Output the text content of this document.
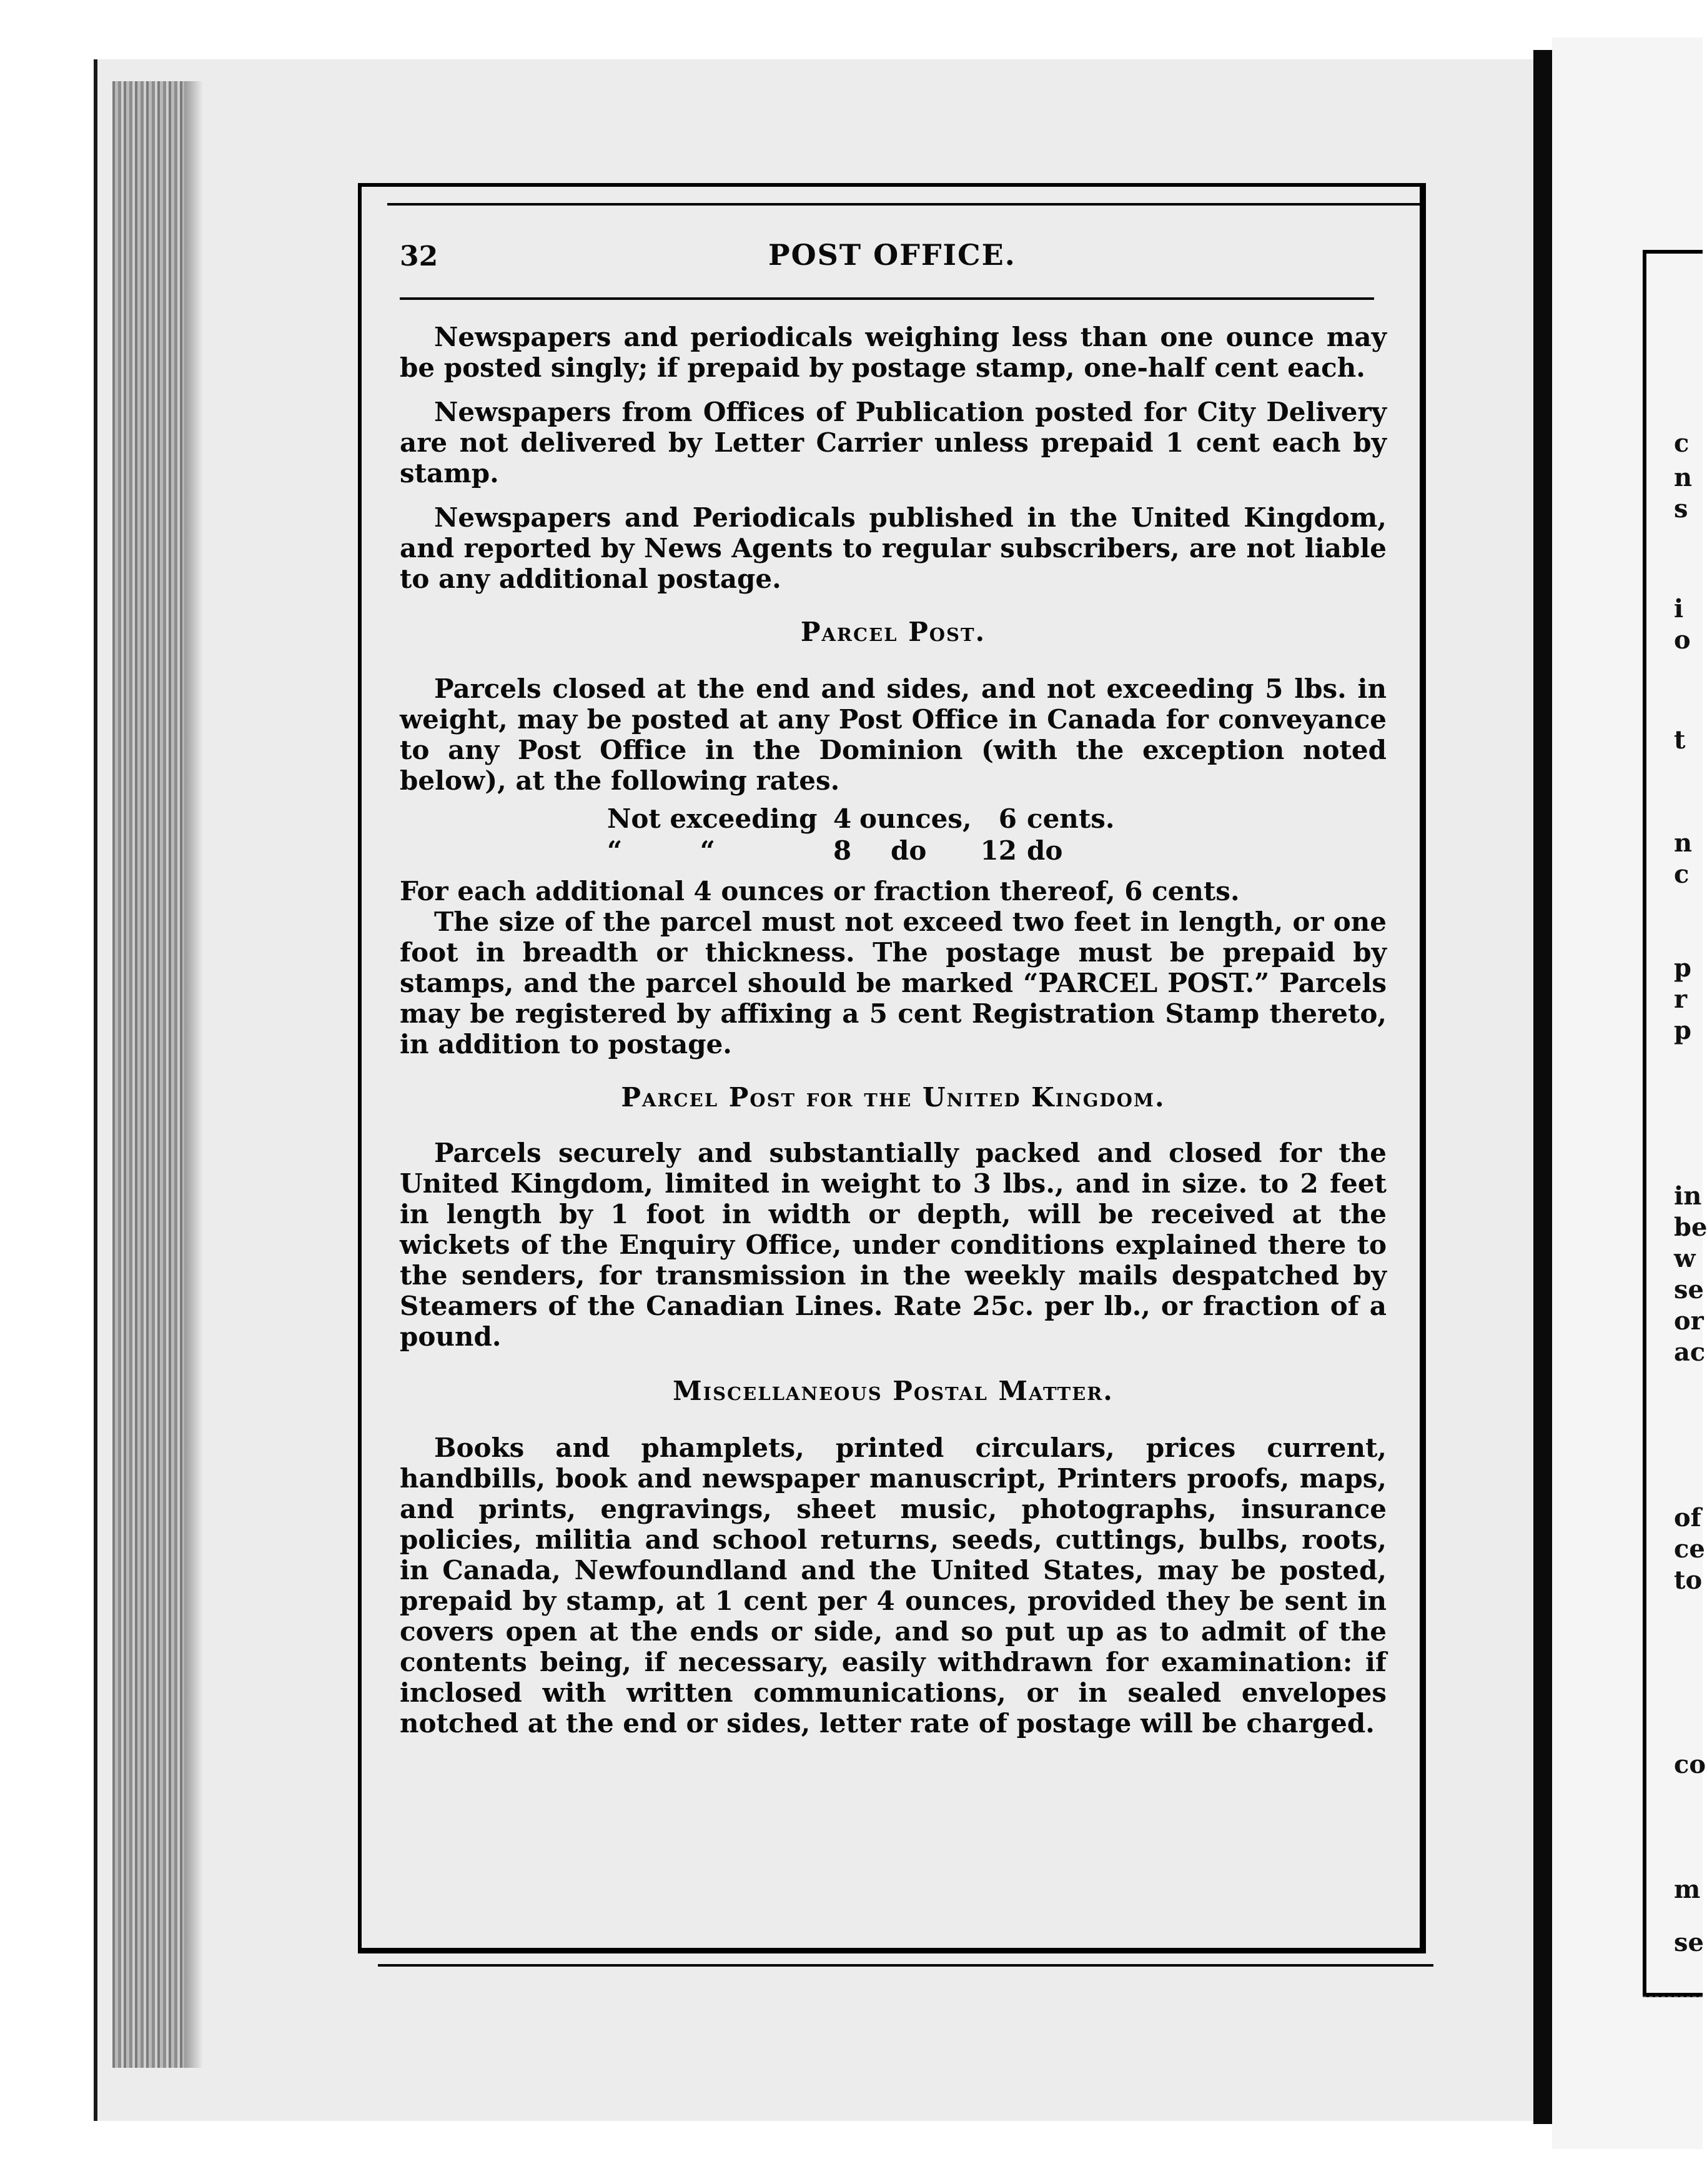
c
n
s
i
o
t
n
c
p
r
p
in
be
w
se
or
ac
of
ce
to
co
m
se
32	POST OFFICE.

Newspapers and periodicals weighing less than one ounce may be posted singly; if prepaid by postage stamp, one-half cent each.

Newspapers from Offices of Publication posted for City Delivery are not delivered by Letter Carrier unless prepaid 1 cent each by stamp.

Newspapers and Periodicals published in the United Kingdom, and reported by News Agents to regular subscribers, are not liable to any additional postage.

Parcel Post.

Parcels closed at the end and sides, and not exceeding 5 lbs. in weight, may be posted at any Post Office in Canada for conveyance to any Post Office in the Dominion (with the exception noted below), at the following rates.

Not exceeding	4	ounces,	6	cents.
“ “	8	do	12	do

For each additional 4 ounces or fraction thereof, 6 cents.

The size of the parcel must not exceed two feet in length, or one foot in breadth or thickness. The postage must be prepaid by stamps, and the parcel should be marked “PARCEL POST.” Parcels may be registered by affixing a 5 cent Registration Stamp thereto, in addition to postage.

Parcel Post for the United Kingdom.

Parcels securely and substantially packed and closed for the United Kingdom, limited in weight to 3 lbs., and in size. to 2 feet in length by 1 foot in width or depth, will be received at the wickets of the Enquiry Office, under conditions explained there to the senders, for transmission in the weekly mails despatched by Steamers of the Canadian Lines. Rate 25c. per lb., or fraction of a pound.

Miscellaneous Postal Matter.

Books and phamplets, printed circulars, prices current, handbills, book and newspaper manuscript, Printers proofs, maps, and prints, engravings, sheet music, photographs, insurance policies, militia and school returns, seeds, cuttings, bulbs, roots, in Canada, Newfoundland and the United States, may be posted, prepaid by stamp, at 1 cent per 4 ounces, provided they be sent in covers open at the ends or side, and so put up as to admit of the contents being, if necessary, easily withdrawn for examination: if inclosed with written communications, or in sealed envelopes notched at the end or sides, letter rate of postage will be charged.
